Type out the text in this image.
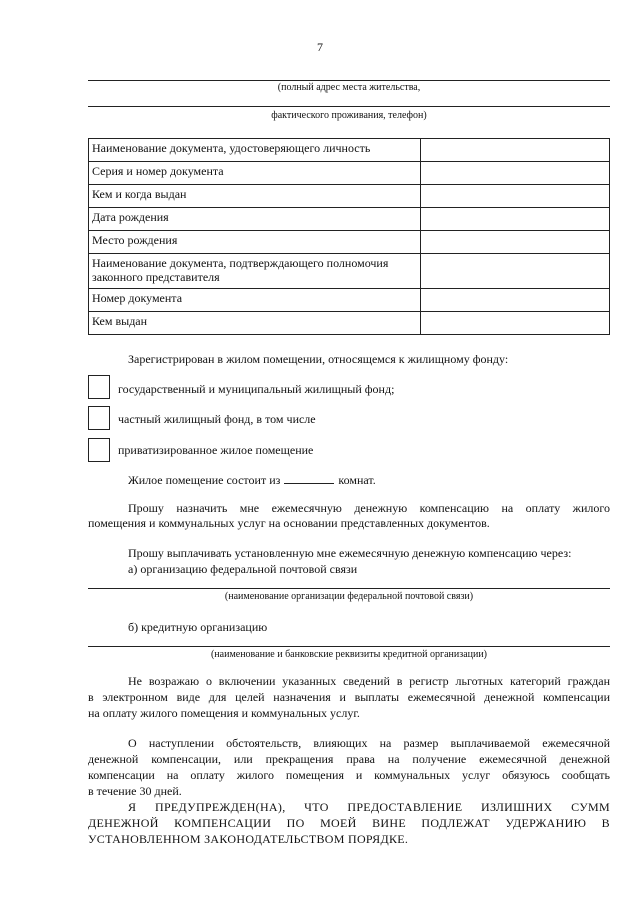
7
(полный адрес места жительства,
фактического проживания, телефон)
Наименование документа, удостоверяющего личность	
Серия и номер документа	
Кем и когда выдан	
Дата рождения	
Место рождения	
Наименование документа, подтверждающего полномочия законного представителя	
Номер документа	
Кем выдан	
Зарегистрирован в жилом помещении, относящемся к жилищному фонду:
государственный и муниципальный жилищный фонд;
частный жилищный фонд, в том числе
приватизированное жилое помещение
Жилое помещение состоит из	комнат.
Прошу назначить мне ежемесячную денежную компенсацию на оплату жилого
помещения и коммунальных услуг на основании представленных документов.
Прошу выплачивать установленную мне ежемесячную денежную компенсацию через:
а) организацию федеральной почтовой связи
(наименование организации федеральной почтовой связи)
б) кредитную организацию
(наименование и банковские реквизиты кредитной организации)
Не возражаю о включении указанных сведений в регистр льготных категорий граждан
в электронном виде для целей назначения и выплаты ежемесячной денежной компенсации
на оплату жилого помещения и коммунальных услуг.
О наступлении обстоятельств, влияющих на размер выплачиваемой ежемесячной
денежной компенсации, или прекращения права на получение ежемесячной денежной
компенсации на оплату жилого помещения и коммунальных услуг обязуюсь сообщать
в течение 30 дней.
Я ПРЕДУПРЕЖДЕН(НА), ЧТО ПРЕДОСТАВЛЕНИЕ ИЗЛИШНИХ СУММ
ДЕНЕЖНОЙ КОМПЕНСАЦИИ ПО МОЕЙ ВИНЕ ПОДЛЕЖАТ УДЕРЖАНИЮ В
УСТАНОВЛЕННОМ ЗАКОНОДАТЕЛЬСТВОМ ПОРЯДКЕ.
